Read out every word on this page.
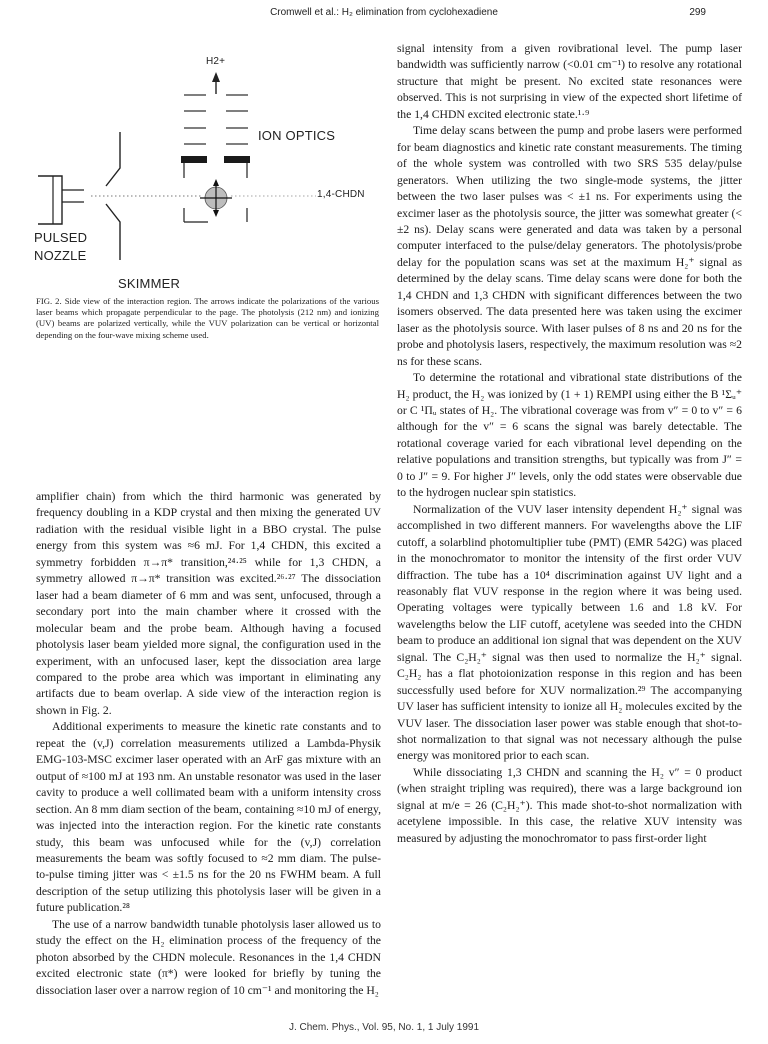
Cromwell et al.: H₂ elimination from cyclohexadiene	299
H2+
ION OPTICS
1,4-CHDN
PULSED
NOZZLE
SKIMMER
FIG. 2. Side view of the interaction region. The arrows indicate the polarizations of the various laser beams which propagate perpendicular to the page. The photolysis (212 nm) and ionizing (UV) beams are polarized vertically, while the VUV polarization can be vertical or horizontal depending on the four-wave mixing scheme used.

amplifier chain) from which the third harmonic was generated by frequency doubling in a KDP crystal and then mixing the generated UV radiation with the residual visible light in a BBO crystal. The pulse energy from this system was ≈6 mJ. For 1,4 CHDN, this excited a symmetry forbidden π→π* transition,²⁴·²⁵ while for 1,3 CHDN, a symmetry allowed π→π* transition was excited.²⁶·²⁷ The dissociation laser had a beam diameter of 6 mm and was sent, unfocused, through a secondary port into the main chamber where it crossed with the molecular beam and the probe beam. Although having a focused photolysis laser beam yielded more signal, the configuration used in the experiment, with an unfocused laser, kept the dissociation area large compared to the probe area which was important in eliminating any artifacts due to beam overlap. A side view of the interaction region is shown in Fig. 2.

Additional experiments to measure the kinetic rate constants and to repeat the (v,J) correlation measurements utilized a Lambda-Physik EMG-103-MSC excimer laser operated with an ArF gas mixture with an output of ≈100 mJ at 193 nm. An unstable resonator was used in the laser cavity to produce a well collimated beam with a uniform intensity cross section. An 8 mm diam section of the beam, containing ≈10 mJ of energy, was injected into the interaction region. For the kinetic rate constants study, this beam was unfocused while for the (v,J) correlation measurements the beam was softly focused to ≈2 mm diam. The pulse-to-pulse timing jitter was < ±1.5 ns for the 20 ns FWHM beam. A full description of the setup utilizing this photolysis laser will be given in a future publication.²⁸

The use of a narrow bandwidth tunable photolysis laser allowed us to study the effect on the H₂ elimination process of the frequency of the photon absorbed by the CHDN molecule. Resonances in the 1,4 CHDN excited electronic state (π*) were looked for briefly by tuning the dissociation laser over a narrow region of 10 cm⁻¹ and monitoring the H₂

signal intensity from a given rovibrational level. The pump laser bandwidth was sufficiently narrow (<0.01 cm⁻¹) to resolve any rotational structure that might be present. No excited state resonances were observed. This is not surprising in view of the expected short lifetime of the 1,4 CHDN excited electronic state.¹·⁹

Time delay scans between the pump and probe lasers were performed for beam diagnostics and kinetic rate constant measurements. The timing of the whole system was controlled with two SRS 535 delay/pulse generators. When utilizing the two single-mode systems, the jitter between the two laser pulses was < ±1 ns. For experiments using the excimer laser as the photolysis source, the jitter was somewhat greater (< ±2 ns). Delay scans were generated and data was taken by a personal computer interfaced to the pulse/delay generators. The photolysis/probe delay for the population scans was set at the maximum H₂⁺ signal as determined by the delay scans. Time delay scans were done for both the 1,4 CHDN and 1,3 CHDN with significant differences between the two isomers observed. The data presented here was taken using the excimer laser as the photolysis source. With laser pulses of 8 ns and 20 ns for the probe and photolysis lasers, respectively, the maximum resolution was ≈2 ns for these scans.

To determine the rotational and vibrational state distributions of the H₂ product, the H₂ was ionized by (1 + 1) REMPI using either the B ¹Σᵤ⁺ or C ¹Πᵤ states of H₂. The vibrational coverage was from v″ = 0 to v″ = 6 although for the v″ = 6 scans the signal was barely detectable. The rotational coverage varied for each vibrational level depending on the relative populations and transition strengths, but typically was from J″ = 0 to J″ = 9. For higher J″ levels, only the odd states were observable due to the hydrogen nuclear spin statistics.

Normalization of the VUV laser intensity dependent H₂⁺ signal was accomplished in two different manners. For wavelengths above the LIF cutoff, a solarblind photomultiplier tube (PMT) (EMR 542G) was placed in the monochromator to monitor the intensity of the first order VUV diffraction. The tube has a 10⁴ discrimination against UV light and a reasonably flat VUV response in the region where it was being used. Operating voltages were typically between 1.6 and 1.8 kV. For wavelengths below the LIF cutoff, acetylene was seeded into the CHDN beam to produce an additional ion signal that was dependent on the XUV signal. The C₂H₂⁺ signal was then used to normalize the H₂⁺ signal. C₂H₂ has a flat photoionization response in this region and has been successfully used before for XUV normalization.²⁹ The accompanying UV laser has sufficient intensity to ionize all H₂ molecules excited by the VUV laser. The dissociation laser power was stable enough that shot-to-shot normalization to that signal was not necessary although the pulse energy was monitored prior to each scan.

While dissociating 1,3 CHDN and scanning the H₂ v″ = 0 product (when straight tripling was required), there was a large background ion signal at m/e = 26 (C₂H₂⁺). This made shot-to-shot normalization with acetylene impossible. In this case, the relative XUV intensity was measured by adjusting the monochromator to pass first-order light

J. Chem. Phys., Vol. 95, No. 1, 1 July 1991
